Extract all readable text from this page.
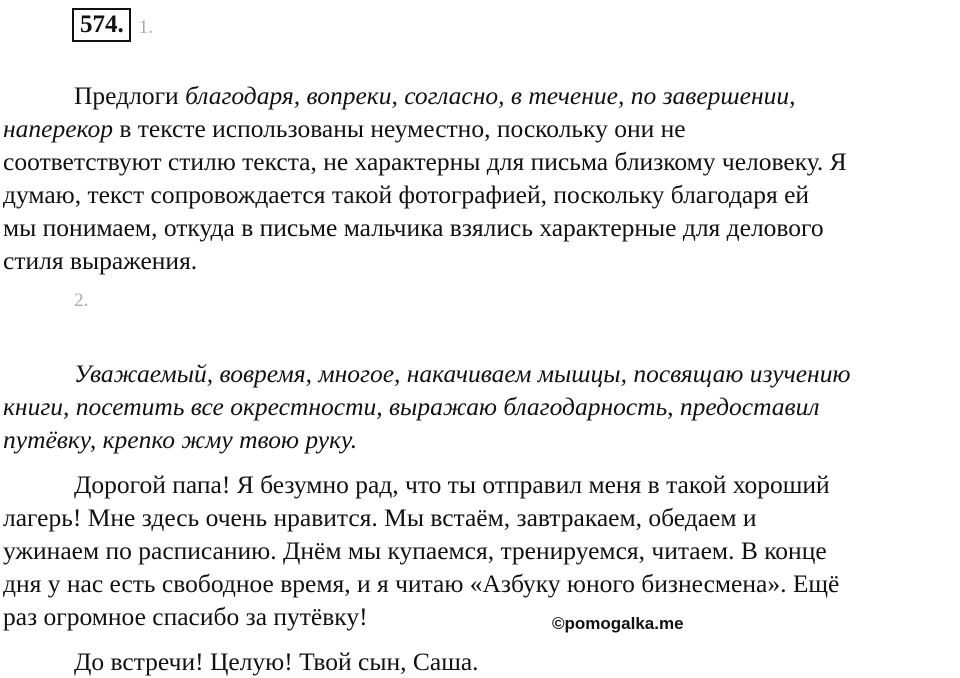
574. 1.

Предлоги благодаря, вопреки, согласно, в течение, по завершении,
наперекор в тексте использованы неуместно, поскольку они не
соответствуют стилю текста, не характерны для письма близкому человеку. Я
думаю, текст сопровождается такой фотографией, поскольку благодаря ей
мы понимаем, откуда в письме мальчика взялись характерные для делового
стиля выражения.

2.

Уважаемый, вовремя, многое, накачиваем мышцы, посвящаю изучению
книги, посетить все окрестности, выражаю благодарность, предоставил
путёвку, крепко жму твою руку.

Дорогой папа! Я безумно рад, что ты отправил меня в такой хороший
лагерь! Мне здесь очень нравится. Мы встаём, завтракаем, обедаем и
ужинаем по расписанию. Днём мы купаемся, тренируемся, читаем. В конце
дня у нас есть свободное время, и я читаю «Азбуку юного бизнесмена». Ещё
раз огромное спасибо за путёвку!	©pomogalka.me

До встречи! Целую! Твой сын, Саша.
